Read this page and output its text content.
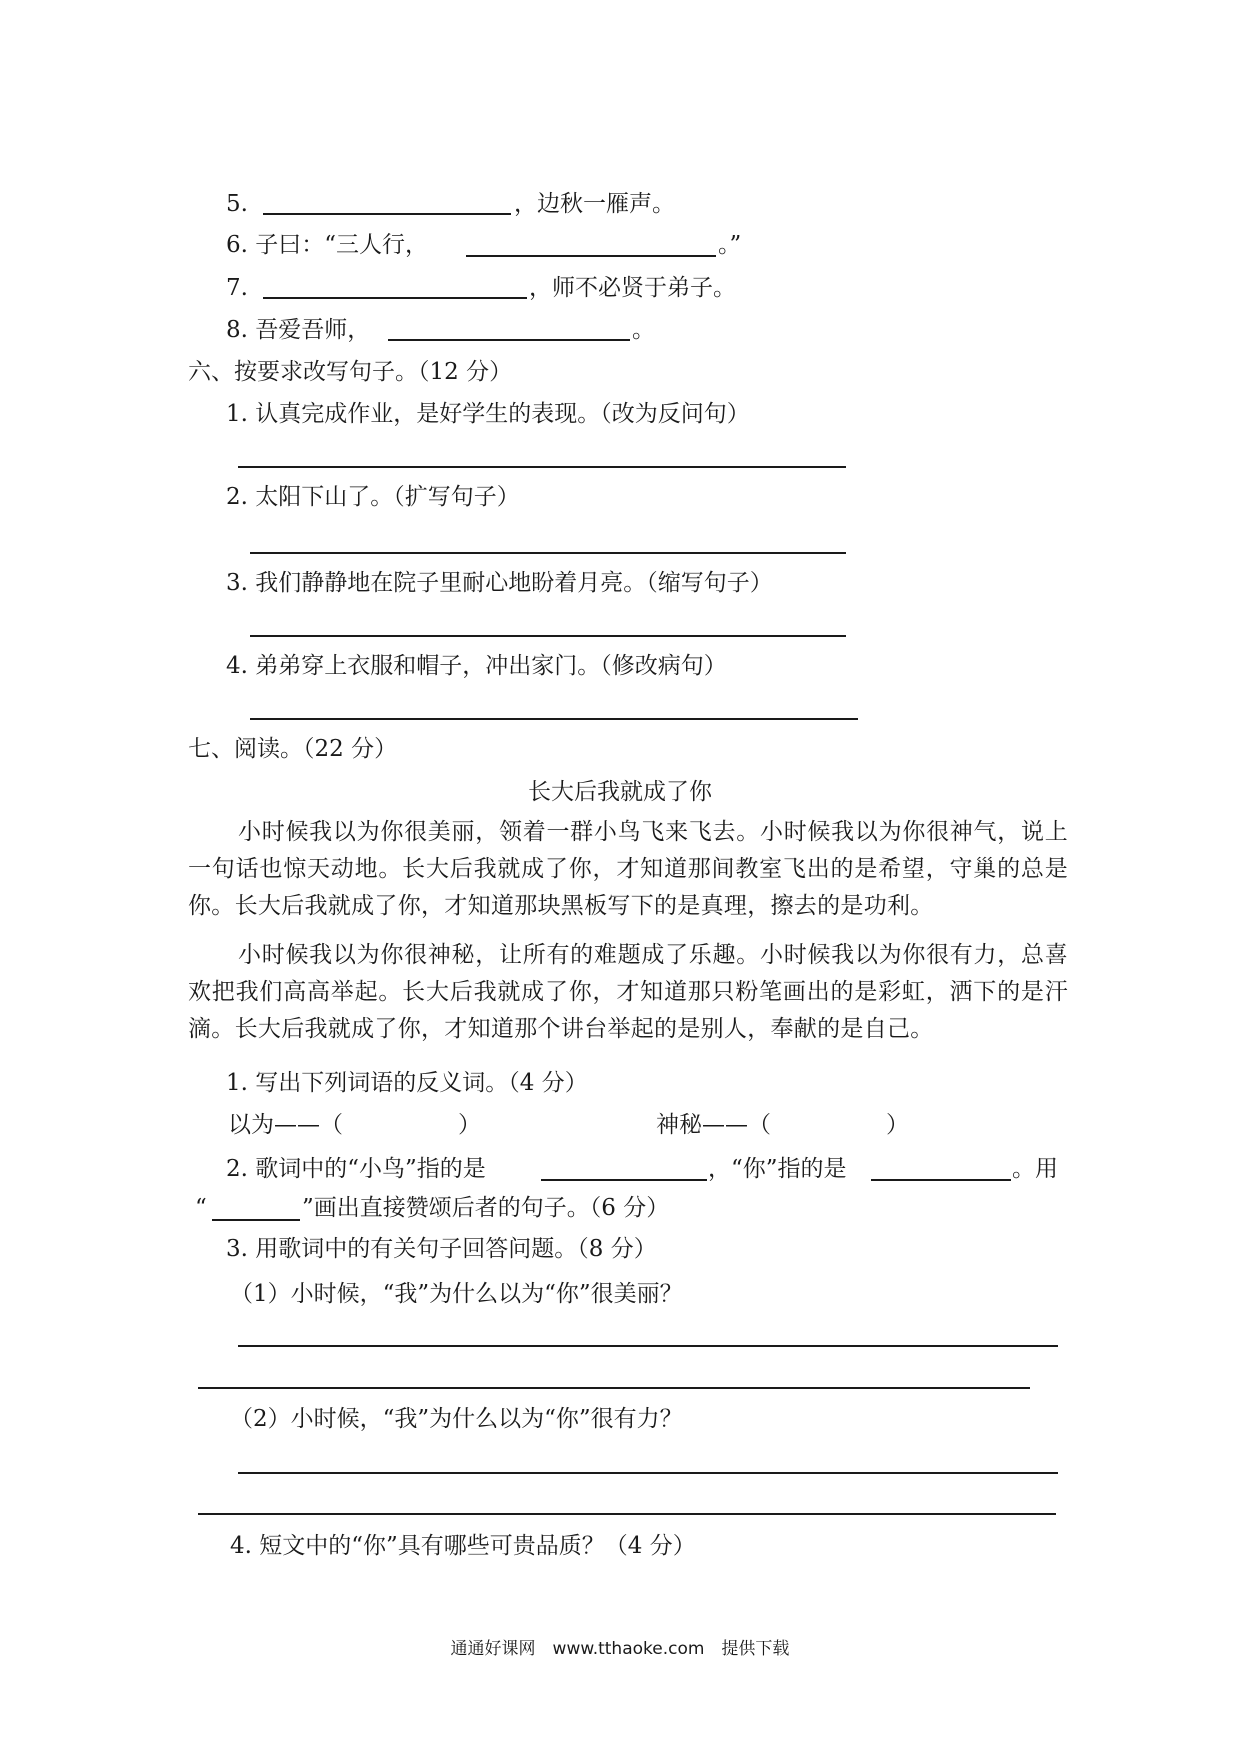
5.	，边秋一雁声。
6. 子曰：“三人行，	。”
7.	，师不必贤于弟子。
8. 吾爱吾师，	。
六、按要求改写句子。（12 分）
1. 认真完成作业，是好学生的表现。（改为反问句）
2. 太阳下山了。（扩写句子）
3. 我们静静地在院子里耐心地盼着月亮。（缩写句子）
4. 弟弟穿上衣服和帽子，冲出家门。（修改病句）
七、阅读。（22 分）
长大后我就成了你
小时候我以为你很美丽，领着一群小鸟飞来飞去。小时候我以为你很神气，说上一句话也惊天动地。长大后我就成了你，才知道那间教室飞出的是希望，守巢的总是你。长大后我就成了你，才知道那块黑板写下的是真理，擦去的是功利。
小时候我以为你很神秘，让所有的难题成了乐趣。小时候我以为你很有力，总喜欢把我们高高举起。长大后我就成了你，才知道那只粉笔画出的是彩虹，洒下的是汗滴。长大后我就成了你，才知道那个讲台举起的是别人，奉献的是自己。
1. 写出下列词语的反义词。（4 分）
以为——（　　　　　）	神秘——（　　　　　）
2. 歌词中的“小鸟”指的是	，“你”指的是	。用
“	”画出直接赞颂后者的句子。（6 分）
3. 用歌词中的有关句子回答问题。（8 分）
（1）小时候，“我”为什么以为“你”很美丽？
（2）小时候，“我”为什么以为“你”很有力？
4. 短文中的“你”具有哪些可贵品质？（4 分）
通通好课网　www.tthaoke.com　提供下载
